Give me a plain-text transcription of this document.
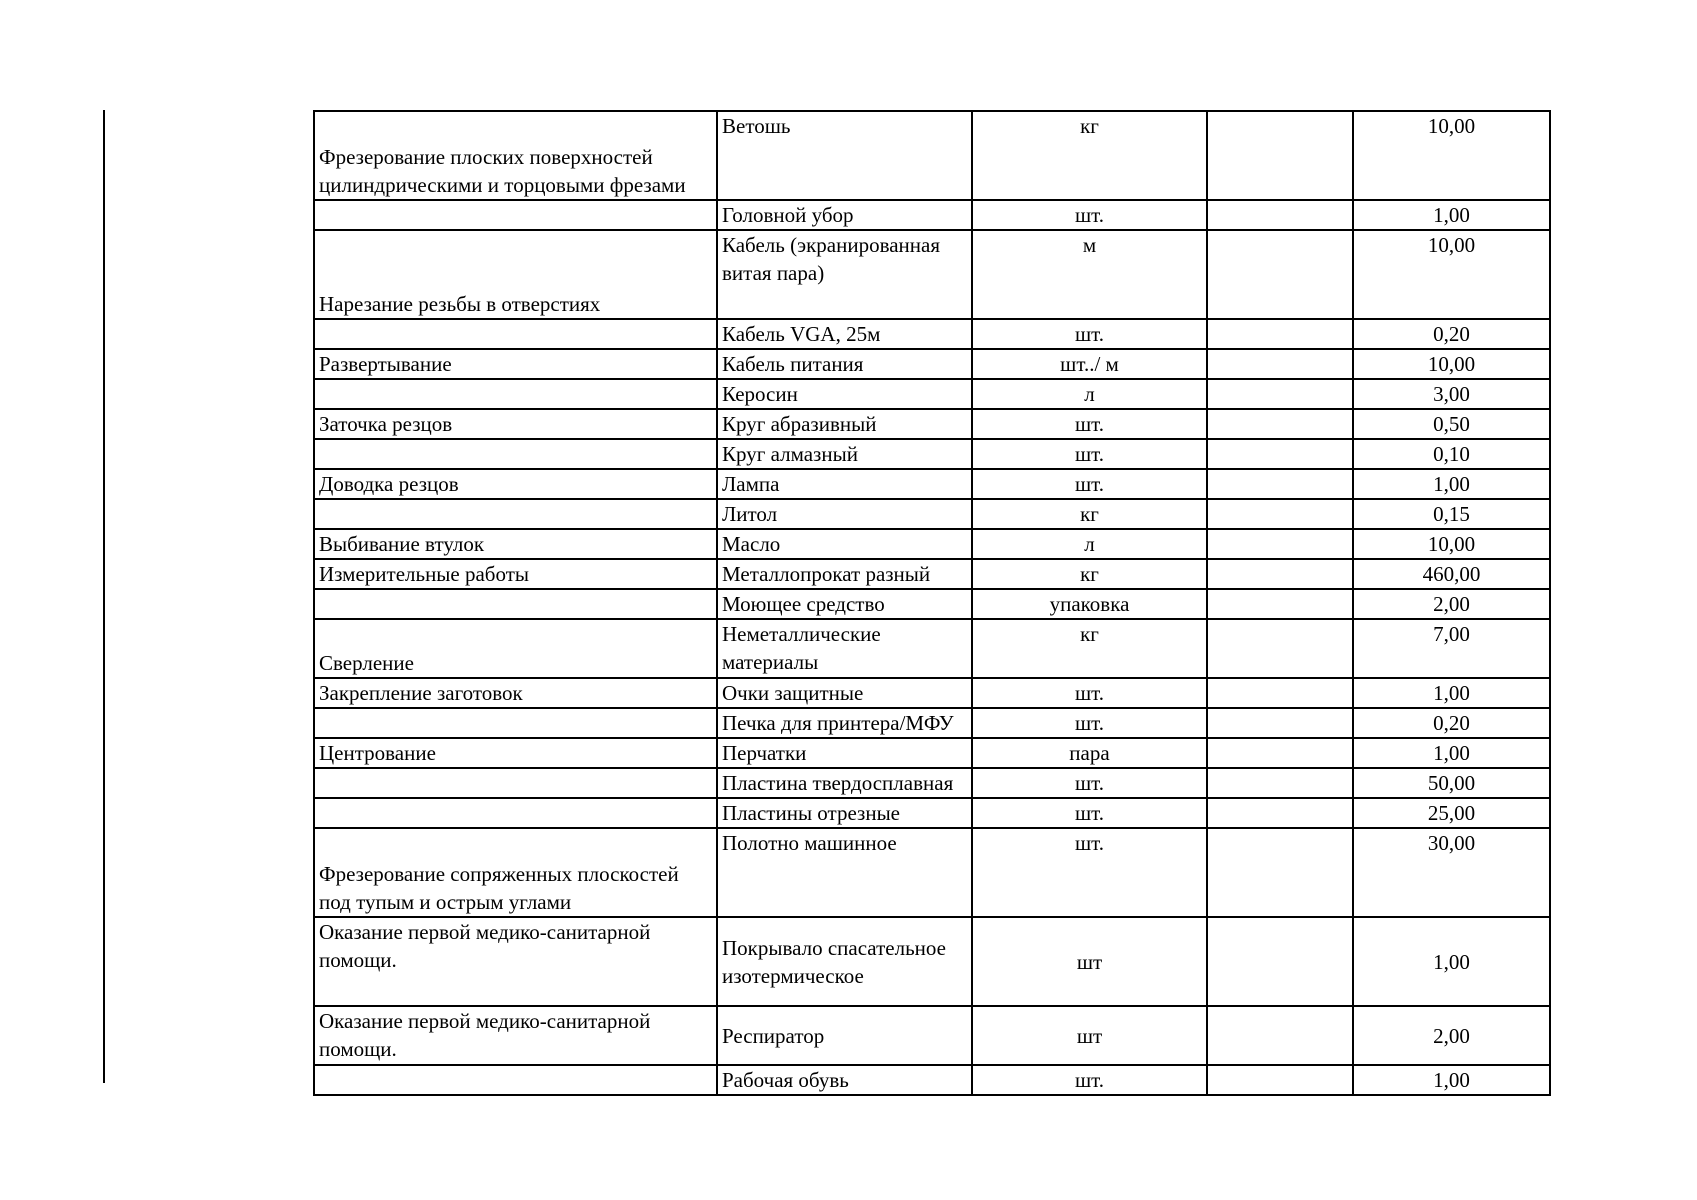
Фрезерование плоских поверхностей цилиндрическими и торцовыми фрезами	Ветошь	кг		10,00
	Головной убор	шт.		1,00
Нарезание резьбы в отверстиях	Кабель (экранированная витая пара)	м		10,00
	Кабель VGA, 25м	шт.		0,20
Развертывание	Кабель питания	шт../ м		10,00
	Керосин	л		3,00
Заточка резцов	Круг абразивный	шт.		0,50
	Круг алмазный	шт.		0,10
Доводка резцов	Лампа	шт.		1,00
	Литол	кг		0,15
Выбивание втулок	Масло	л		10,00
Измерительные работы	Металлопрокат разный	кг		460,00
	Моющее средство	упаковка		2,00
Сверление	Неметаллические материалы	кг		7,00
Закрепление заготовок	Очки защитные	шт.		1,00
	Печка для принтера/МФУ	шт.		0,20
Центрование	Перчатки	пара		1,00
	Пластина твердосплавная	шт.		50,00
	Пластины отрезные	шт.		25,00
Фрезерование сопряженных плоскостей под тупым и острым углами	Полотно машинное	шт.		30,00
Оказание первой медико-санитарной помощи.	Покрывало спасательное изотермическое	шт		1,00
Оказание первой медико-санитарной помощи.	Респиратор	шт		2,00
	Рабочая обувь	шт.		1,00
